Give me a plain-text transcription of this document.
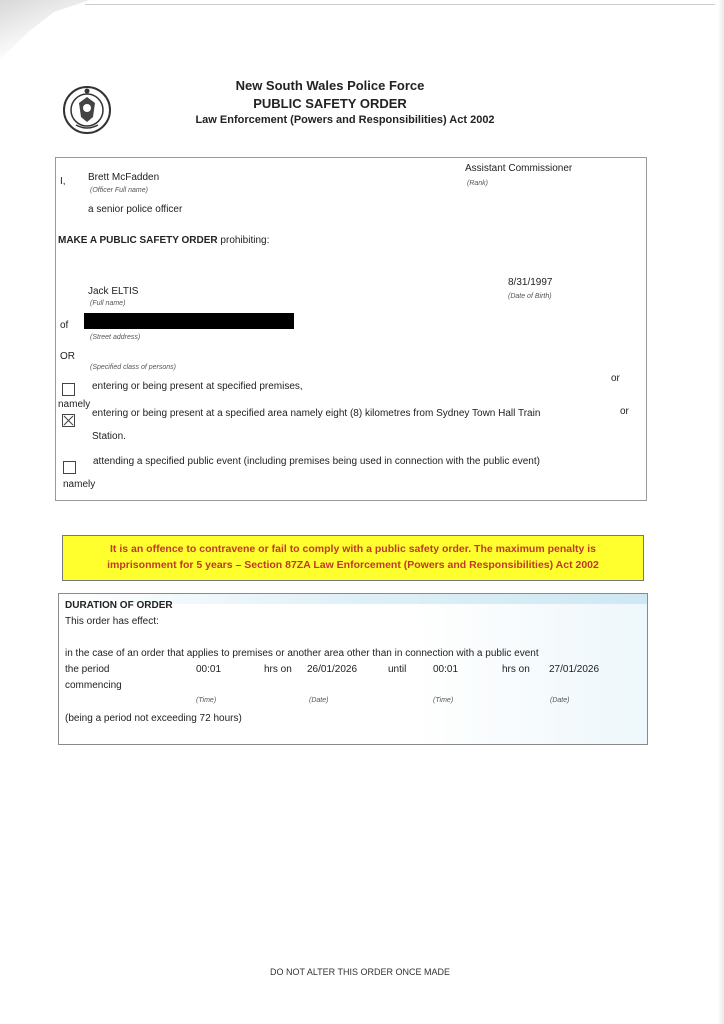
New South Wales Police Force
PUBLIC SAFETY ORDER
Law Enforcement (Powers and Responsibilities) Act 2002
I, Brett McFadden
(Officer Full name)
Assistant Commissioner
(Rank)
a senior police officer
MAKE A PUBLIC SAFETY ORDER prohibiting:
Jack ELTIS
(Full name)
8/31/1997
(Date of Birth)
of
(Street address)
OR
(Specified class of persons)
entering or being present at specified premises,
or
namely
entering or being present at a specified area namely eight (8) kilometres from Sydney Town Hall Train
Station.
or
attending a specified public event (including premises being used in connection with the public event)
namely
It is an offence to contravene or fail to comply with a public safety order. The maximum penalty is
imprisonment for 5 years – Section 87ZA Law Enforcement (Powers and Responsibilities) Act 2002
DURATION OF ORDER
This order has effect:
in the case of an order that applies to premises or another area other than in connection with a public event
the period
commencing
00:01	hrs on 26/01/2026	until	00:01	hrs on 27/01/2026
(Time)	(Date)	(Time)	(Date)
(being a period not exceeding 72 hours)
DO NOT ALTER THIS ORDER ONCE MADE
